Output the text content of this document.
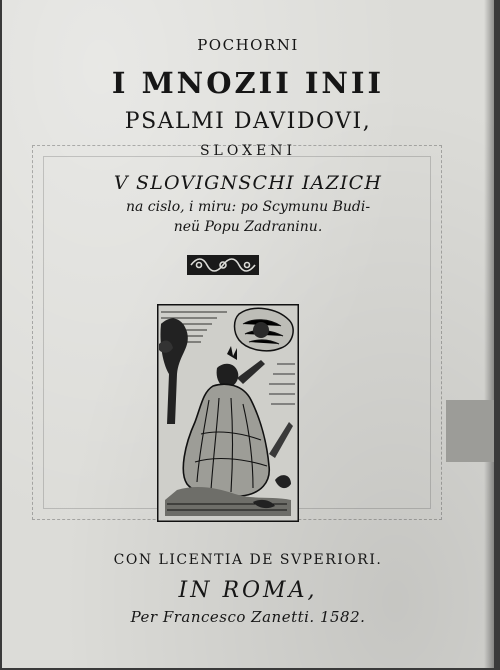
POCHORNI
I MNOZII INII
PSALMI DAVIDOVI,
SLOXENI
V SLOVIGNSCHI IAZICH
na cislo, i miru: po Scymunu Budi-
neü Popu Zadraninu.
CON LICENTIA DE SVPERIORI.
IN ROMA,
Per Francesco Zanetti. 1582.
